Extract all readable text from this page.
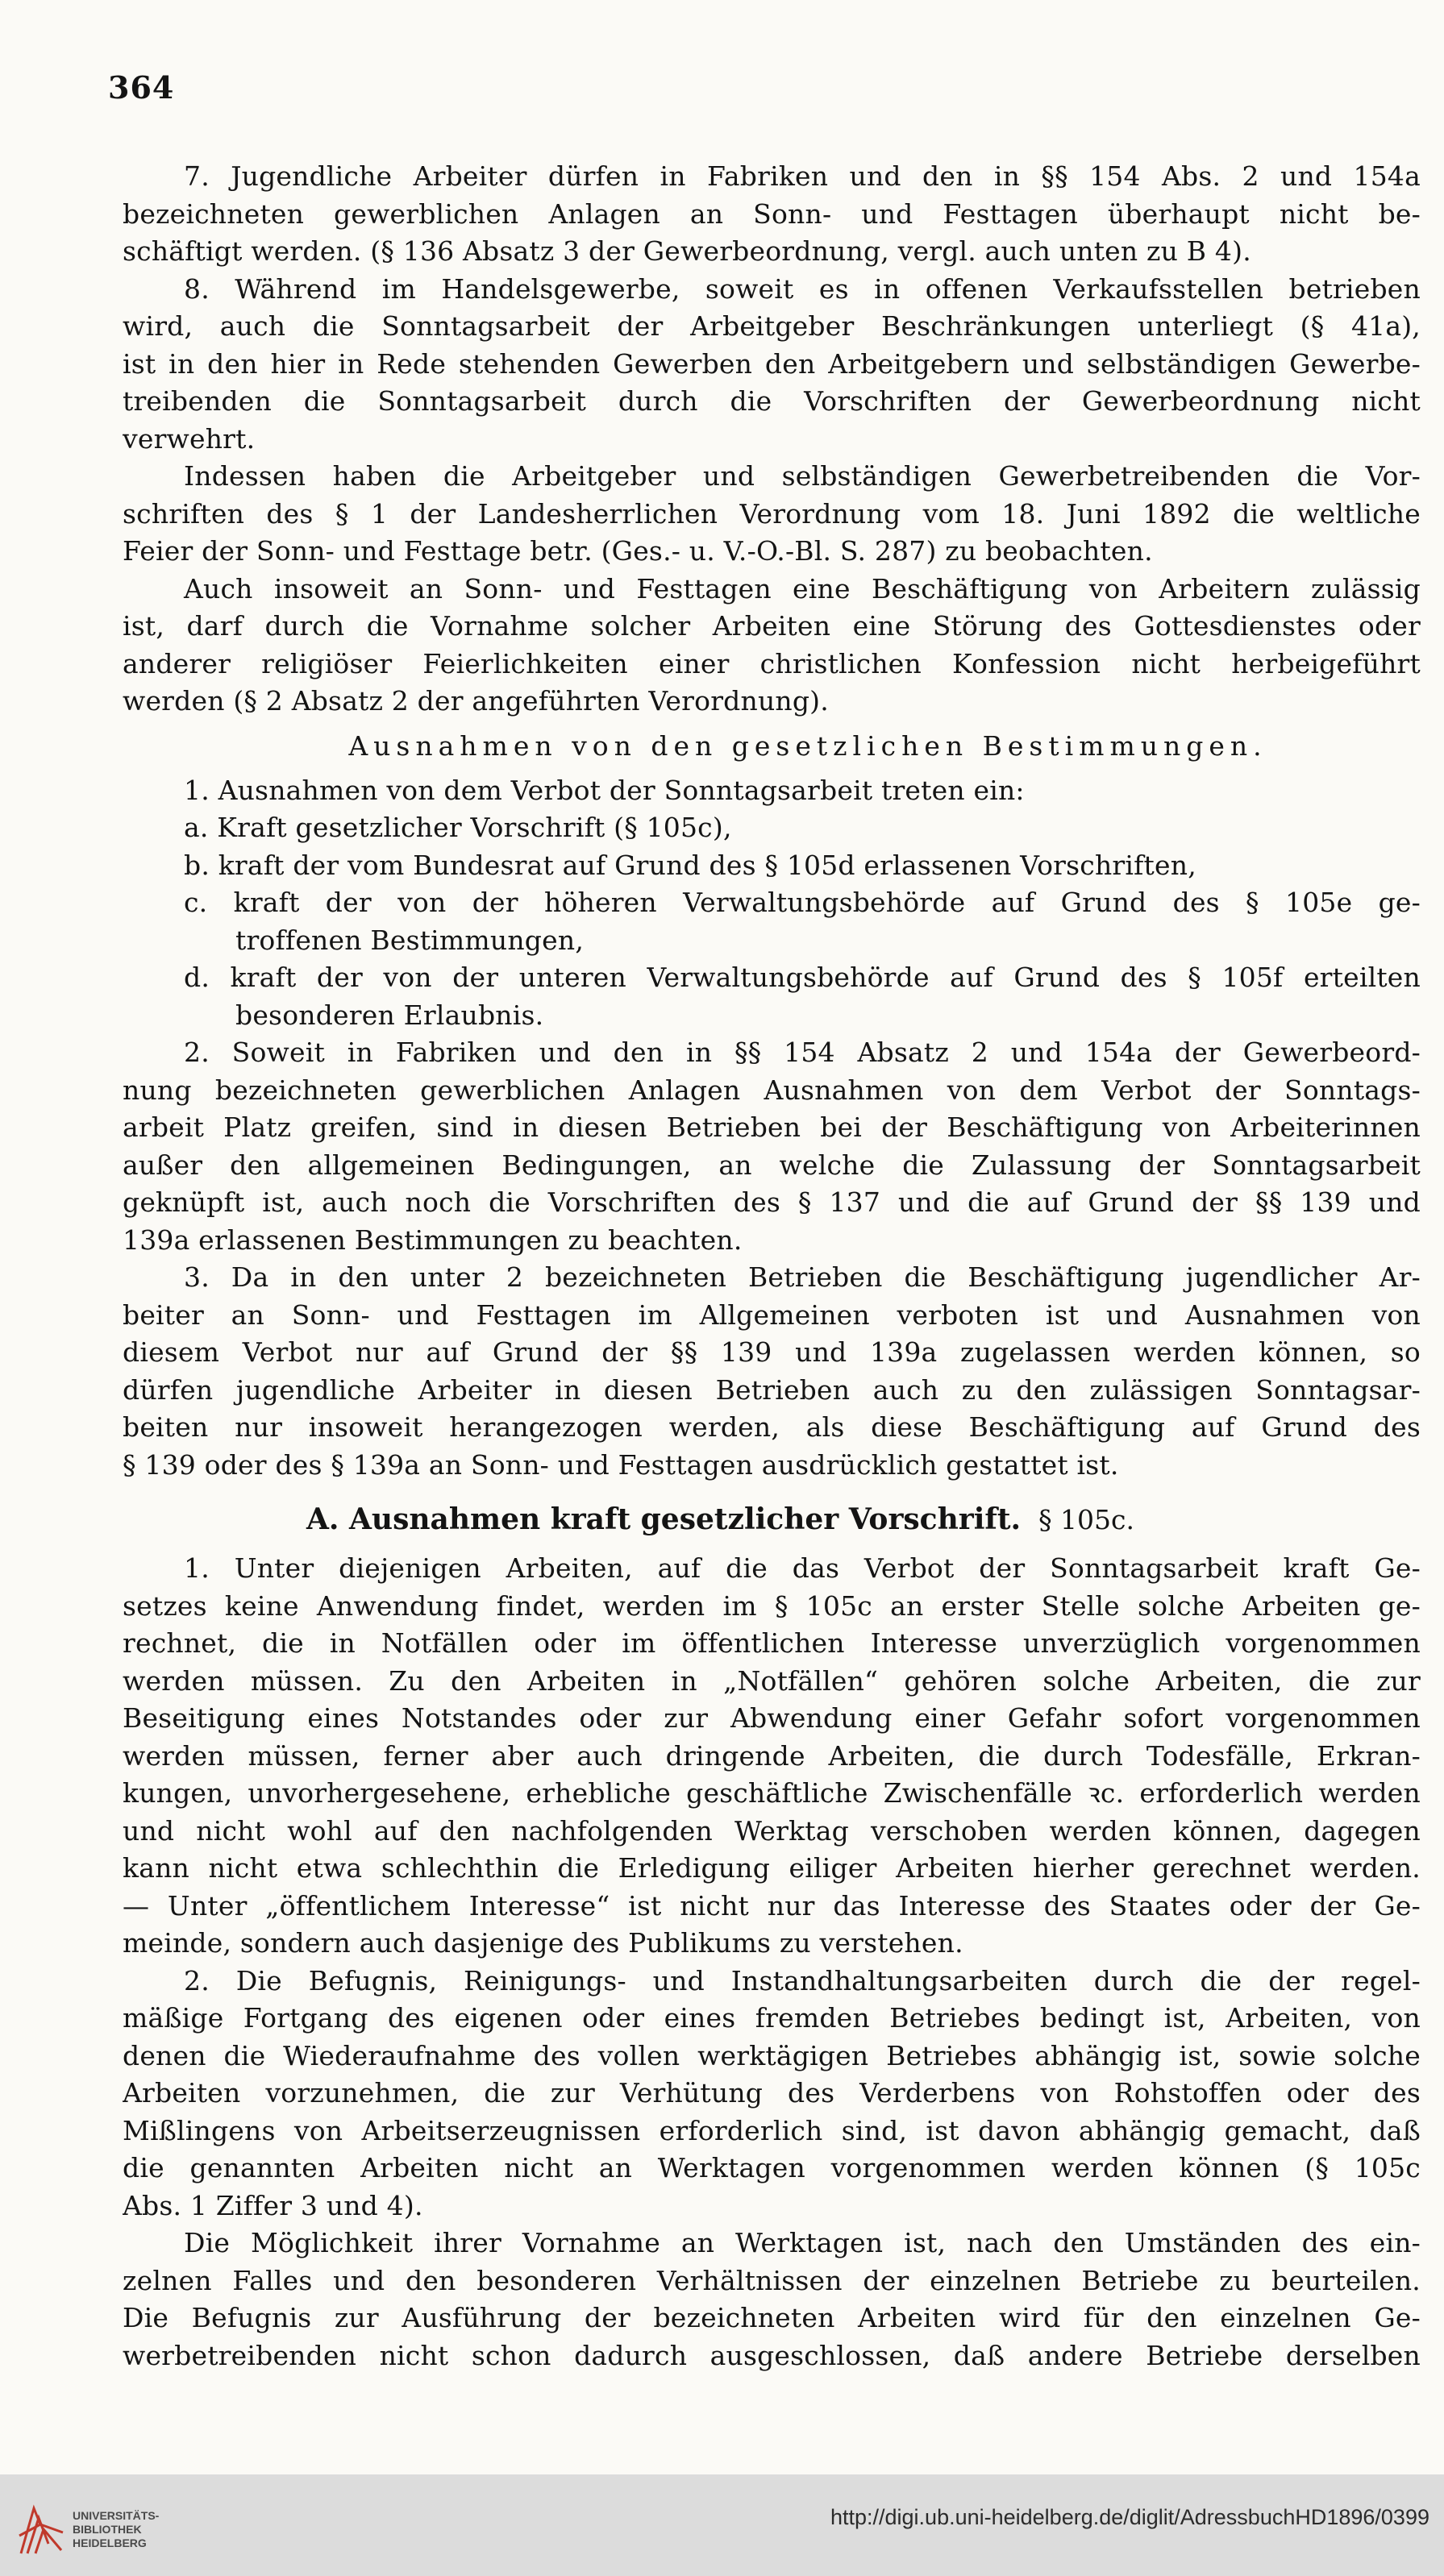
364
7. Jugendliche Arbeiter dürfen in Fabriken und den in §§ 154 Abs. 2 und 154a
bezeichneten gewerblichen Anlagen an Sonn- und Festtagen überhaupt nicht be-
schäftigt werden. (§ 136 Absatz 3 der Gewerbeordnung, vergl. auch unten zu B 4).
8. Während im Handelsgewerbe, soweit es in offenen Verkaufsstellen betrieben
wird, auch die Sonntagsarbeit der Arbeitgeber Beschränkungen unterliegt (§ 41a),
ist in den hier in Rede stehenden Gewerben den Arbeitgebern und selbständigen Gewerbe-
treibenden die Sonntagsarbeit durch die Vorschriften der Gewerbeordnung nicht
verwehrt.
Indessen haben die Arbeitgeber und selbständigen Gewerbetreibenden die Vor-
schriften des § 1 der Landesherrlichen Verordnung vom 18. Juni 1892 die weltliche
Feier der Sonn- und Festtage betr. (Ges.- u. V.-O.-Bl. S. 287) zu beobachten.
Auch insoweit an Sonn- und Festtagen eine Beschäftigung von Arbeitern zulässig
ist, darf durch die Vornahme solcher Arbeiten eine Störung des Gottesdienstes oder
anderer religiöser Feierlichkeiten einer christlichen Konfession nicht herbeigeführt
werden (§ 2 Absatz 2 der angeführten Verordnung).
Ausnahmen von den gesetzlichen Bestimmungen.
1. Ausnahmen von dem Verbot der Sonntagsarbeit treten ein:
a. Kraft gesetzlicher Vorschrift (§ 105c),
b. kraft der vom Bundesrat auf Grund des § 105d erlassenen Vorschriften,
c. kraft der von der höheren Verwaltungsbehörde auf Grund des § 105e ge-
troffenen Bestimmungen,
d. kraft der von der unteren Verwaltungsbehörde auf Grund des § 105f erteilten
besonderen Erlaubnis.
2. Soweit in Fabriken und den in §§ 154 Absatz 2 und 154a der Gewerbeord-
nung bezeichneten gewerblichen Anlagen Ausnahmen von dem Verbot der Sonntags-
arbeit Platz greifen, sind in diesen Betrieben bei der Beschäftigung von Arbeiterinnen
außer den allgemeinen Bedingungen, an welche die Zulassung der Sonntagsarbeit
geknüpft ist, auch noch die Vorschriften des § 137 und die auf Grund der §§ 139 und
139a erlassenen Bestimmungen zu beachten.
3. Da in den unter 2 bezeichneten Betrieben die Beschäftigung jugendlicher Ar-
beiter an Sonn- und Festtagen im Allgemeinen verboten ist und Ausnahmen von
diesem Verbot nur auf Grund der §§ 139 und 139a zugelassen werden können, so
dürfen jugendliche Arbeiter in diesen Betrieben auch zu den zulässigen Sonntagsar-
beiten nur insoweit herangezogen werden, als diese Beschäftigung auf Grund des
§ 139 oder des § 139a an Sonn- und Festtagen ausdrücklich gestattet ist.
A. Ausnahmen kraft gesetzlicher Vorschrift. § 105c.
1. Unter diejenigen Arbeiten, auf die das Verbot der Sonntagsarbeit kraft Ge-
setzes keine Anwendung findet, werden im § 105c an erster Stelle solche Arbeiten ge-
rechnet, die in Notfällen oder im öffentlichen Interesse unverzüglich vorgenommen
werden müssen. Zu den Arbeiten in „Notfällen“ gehören solche Arbeiten, die zur
Beseitigung eines Notstandes oder zur Abwendung einer Gefahr sofort vorgenommen
werden müssen, ferner aber auch dringende Arbeiten, die durch Todesfälle, Erkran-
kungen, unvorhergesehene, erhebliche geschäftliche Zwischenfälle ꝛc. erforderlich werden
und nicht wohl auf den nachfolgenden Werktag verschoben werden können, dagegen
kann nicht etwa schlechthin die Erledigung eiliger Arbeiten hierher gerechnet werden.
— Unter „öffentlichem Interesse“ ist nicht nur das Interesse des Staates oder der Ge-
meinde, sondern auch dasjenige des Publikums zu verstehen.
2. Die Befugnis, Reinigungs- und Instandhaltungsarbeiten durch die der regel-
mäßige Fortgang des eigenen oder eines fremden Betriebes bedingt ist, Arbeiten, von
denen die Wiederaufnahme des vollen werktägigen Betriebes abhängig ist, sowie solche
Arbeiten vorzunehmen, die zur Verhütung des Verderbens von Rohstoffen oder des
Mißlingens von Arbeitserzeugnissen erforderlich sind, ist davon abhängig gemacht, daß
die genannten Arbeiten nicht an Werktagen vorgenommen werden können (§ 105c
Abs. 1 Ziffer 3 und 4).
Die Möglichkeit ihrer Vornahme an Werktagen ist, nach den Umständen des ein-
zelnen Falles und den besonderen Verhältnissen der einzelnen Betriebe zu beurteilen.
Die Befugnis zur Ausführung der bezeichneten Arbeiten wird für den einzelnen Ge-
werbetreibenden nicht schon dadurch ausgeschlossen, daß andere Betriebe derselben
UNIVERSITÄTS-
BIBLIOTHEK
HEIDELBERG
http://digi.ub.uni-heidelberg.de/diglit/AdressbuchHD1896/0399
